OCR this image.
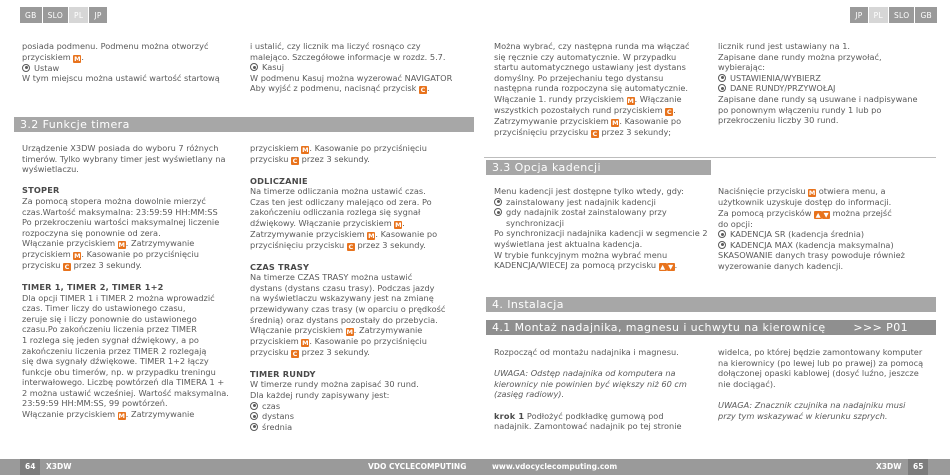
GB	SLO	PL	JP	JP	PL	SLO	GB

posiada podmenu. Podmenu można otworzyć

przyciskiem M.

Ustaw

W tym miejscu można ustawić wartość startową

i ustalić, czy licznik ma liczyć rosnąco czy

malejąco. Szczegółowe informacje w rozdz. 5.7.

Kasuj

W podmenu Kasuj można wyzerować NAVIGATOR

Aby wyjść z podmenu, nacisnąć przycisk C .

3.2 Funkcje timera

Urządzenie X3DW posiada do wyboru 7 różnych

timerów. Tylko wybrany timer jest wyświetlany na

wyświetlaczu.

STOPER

Za pomocą stopera można dowolnie mierzyć

czas.Wartość maksymalna: 23:59:59 HH:MM:SS

Po przekroczeniu wartości maksymalnej liczenie

rozpoczyna się ponownie od zera.

Włączanie przyciskiem M. Zatrzymywanie

przyciskiem M. Kasowanie po przyciśnięciu

przycisku C przez 3 sekundy.

TIMER 1, TIMER 2, TIMER 1+2

Dla opcji TIMER 1 i TIMER 2 można wprowadzić

czas. Timer liczy do ustawionego czasu,

zeruje się i liczy ponownie do ustawionego

czasu.Po zakończeniu liczenia przez TIMER

1 rozlega się jeden sygnał dźwiękowy, a po

zakończeniu liczenia przez TIMER 2 rozlegają

się dwa sygnały dźwiękowe. TIMER 1+2 łączy

funkcje obu timerów, np. w przypadku treningu

interwałowego. Liczbę powtórzeń dla TIMERA 1 +

2 można ustawić wcześniej. Wartość maksymalna.

23:59:59 HH:MM:SS, 99 powtórzeń.

Włączanie przyciskiem M. Zatrzymywanie

przyciskiem M. Kasowanie po przyciśnięciu

przycisku C przez 3 sekundy.

ODLICZANIE

Na timerze odliczania można ustawić czas.

Czas ten jest odliczany malejąco od zera. Po

zakończeniu odliczania rozlega się sygnał

dźwiękowy. Włączanie przyciskiem M.

Zatrzymywanie przyciskiem M. Kasowanie po

przyciśnięciu przycisku C przez 3 sekundy.

CZAS TRASY

Na timerze CZAS TRASY można ustawić

dystans (dystans czasu trasy). Podczas jazdy

na wyświetlaczu wskazywany jest na zmianę

przewidywany czas trasy (w oparciu o prędkość

średnią) oraz dystans pozostały do przebycia.

Włączanie przyciskiem M. Zatrzymywanie

przyciskiem M. Kasowanie po przyciśnięciu

przycisku C przez 3 sekundy.

TIMER RUNDY

W timerze rundy można zapisać 30 rund.

Dla każdej rundy zapisywany jest:

czas

dystans

średnia

Można wybrać, czy następna runda ma włączać

się ręcznie czy automatycznie. W przypadku

startu automatycznego ustawiany jest dystans

domyślny. Po przejechaniu tego dystansu

następna runda rozpoczyna się automatycznie.

Włączanie 1. rundy przyciskiem M. Włączanie

wszystkich pozostałych rund przyciskiem C .

Zatrzymywanie przyciskiem M. Kasowanie po

przyciśnięciu przycisku C przez 3 sekundy;

licznik rund jest ustawiany na 1.

Zapisane dane rundy można przywołać,

wybierając:

USTAWIENIA/WYBIERZ

DANE RUNDY/PRZYWOŁAJ

Zapisane dane rundy są usuwane i nadpisywane

po ponownym włączeniu rundy 1 lub po

przekroczeniu liczby 30 rund.

3.3 Opcja kadencji

Menu kadencji jest dostępne tylko wtedy, gdy:

zainstalowany jest nadajnik kadencji

gdy nadajnik został zainstalowany przy

synchronizacji

Po synchronizacji nadajnika kadencji w segmencie 2

wyświetlana jest aktualna kadencja.

W trybie funkcyjnym można wybrać menu

KADENCJA/WIECEJ za pomocą przycisku ▲ ▼ .

Naciśnięcie przycisku M otwiera menu, a

użytkownik uzyskuje dostęp do informacji.

Za pomocą przycisków ▲ ▼ można przejść

do opcji:

KADENCJA SR (kadencja średnia)

KADENCJA MAX (kadencja maksymalna)

SKASOWANIE danych trasy powoduje również

wyzerowanie danych kadencji.

4. Instalacja
4.1 Montaż nadajnika, magnesu i uchwytu na kierownicę	>>> P01

Rozpocząć od montażu nadajnika i magnesu.

UWAGA: Odstęp nadajnika od komputera na

kierownicy nie powinien być większy niż 60 cm

(zasięg radiowy).

krok 1 Podłożyć podkładkę gumową pod

nadajnik. Zamontować nadajnik po tej stronie

widelca, po której będzie zamontowany komputer

na kierownicy (po lewej lub po prawej) za pomocą

dołączonej opaski kablowej (dosyć luźno, jeszcze

nie dociągać).

UWAGA: Znacznik czujnika na nadajniku musi

przy tym wskazywać w kierunku szprych.

64	X3DW	VDO CYCLECOMPUTING	www.vdocyclecomputing.com	X3DW	65
